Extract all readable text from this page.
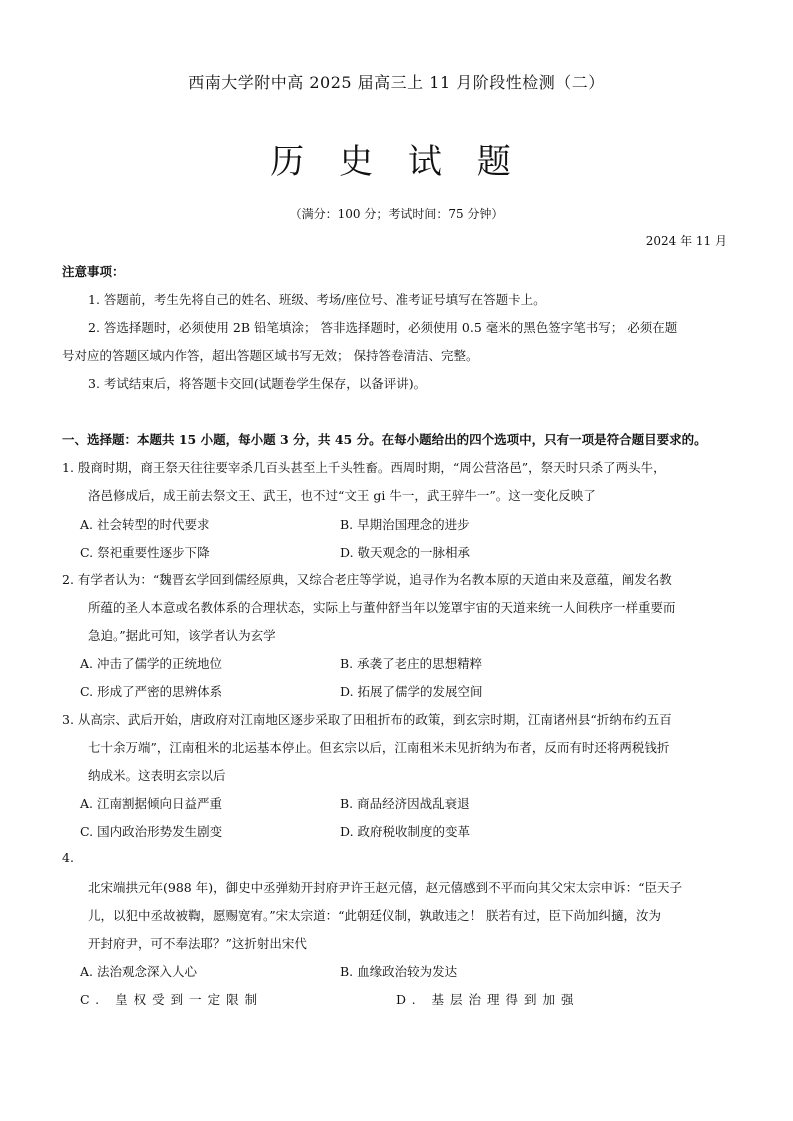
西南大学附中高 2025 届高三上 11 月阶段性检测（二）
历 史 试 题
（满分：100 分；考试时间：75 分钟）
2024 年 11 月
注意事项：
1. 答题前，考生先将自己的姓名、班级、考场/座位号、准考证号填写在答题卡上。
2. 答选择题时，必须使用 2B 铅笔填涂； 答非选择题时，必须使用 0.5 毫米的黑色签字笔书写； 必须在题
号对应的答题区域内作答，超出答题区域书写无效； 保持答卷清洁、完整。
3. 考试结束后，将答题卡交回(试题卷学生保存，以备评讲)。
一、选择题：本题共 15 小题，每小题 3 分，共 45 分。在每小题给出的四个选项中，只有一项是符合题目要求的。
1. 殷商时期，商王祭天往往要宰杀几百头甚至上千头牲畜。西周时期，“周公营洛邑”，祭天时只杀了两头牛，
洛邑修成后，成王前去祭文王、武王，也不过“文王 gi 牛一，武王骍牛一”。这一变化反映了
A. 社会转型的时代要求	B. 早期治国理念的进步
C. 祭祀重要性逐步下降	D. 敬天观念的一脉相承
2. 有学者认为：“魏晋玄学回到儒经原典，又综合老庄等学说，追寻作为名教本原的天道由来及意蕴，阐发名教
所蕴的圣人本意或名教体系的合理状态，实际上与董仲舒当年以笼罩宇宙的天道来统一人间秩序一样重要而
急迫。”据此可知，该学者认为玄学
A. 冲击了儒学的正统地位	B. 承袭了老庄的思想精粹
C. 形成了严密的思辨体系	D. 拓展了儒学的发展空间
3. 从高宗、武后开始，唐政府对江南地区逐步采取了田租折布的政策，到玄宗时期，江南诸州县“折纳布约五百
七十余万端”，江南租米的北运基本停止。但玄宗以后，江南租米未见折纳为布者，反而有时还将两税钱折
纳成米。这表明玄宗以后
A. 江南割据倾向日益严重	B. 商品经济因战乱衰退
C. 国内政治形势发生剧变	D. 政府税收制度的变革
4.
北宋端拱元年(988 年)，御史中丞弹劾开封府尹许王赵元僖，赵元僖感到不平而向其父宋太宗申诉：“臣天子
儿，以犯中丞故被鞫，愿赐宽宥。”宋太宗道：“此朝廷仪制，孰敢违之！ 朕若有过，臣下尚加纠擿，汝为
开封府尹，可不奉法耶？”这折射出宋代
A. 法治观念深入人心	B. 血缘政治较为发达
C. 皇权受到一定限制	D. 基层治理得到加强
